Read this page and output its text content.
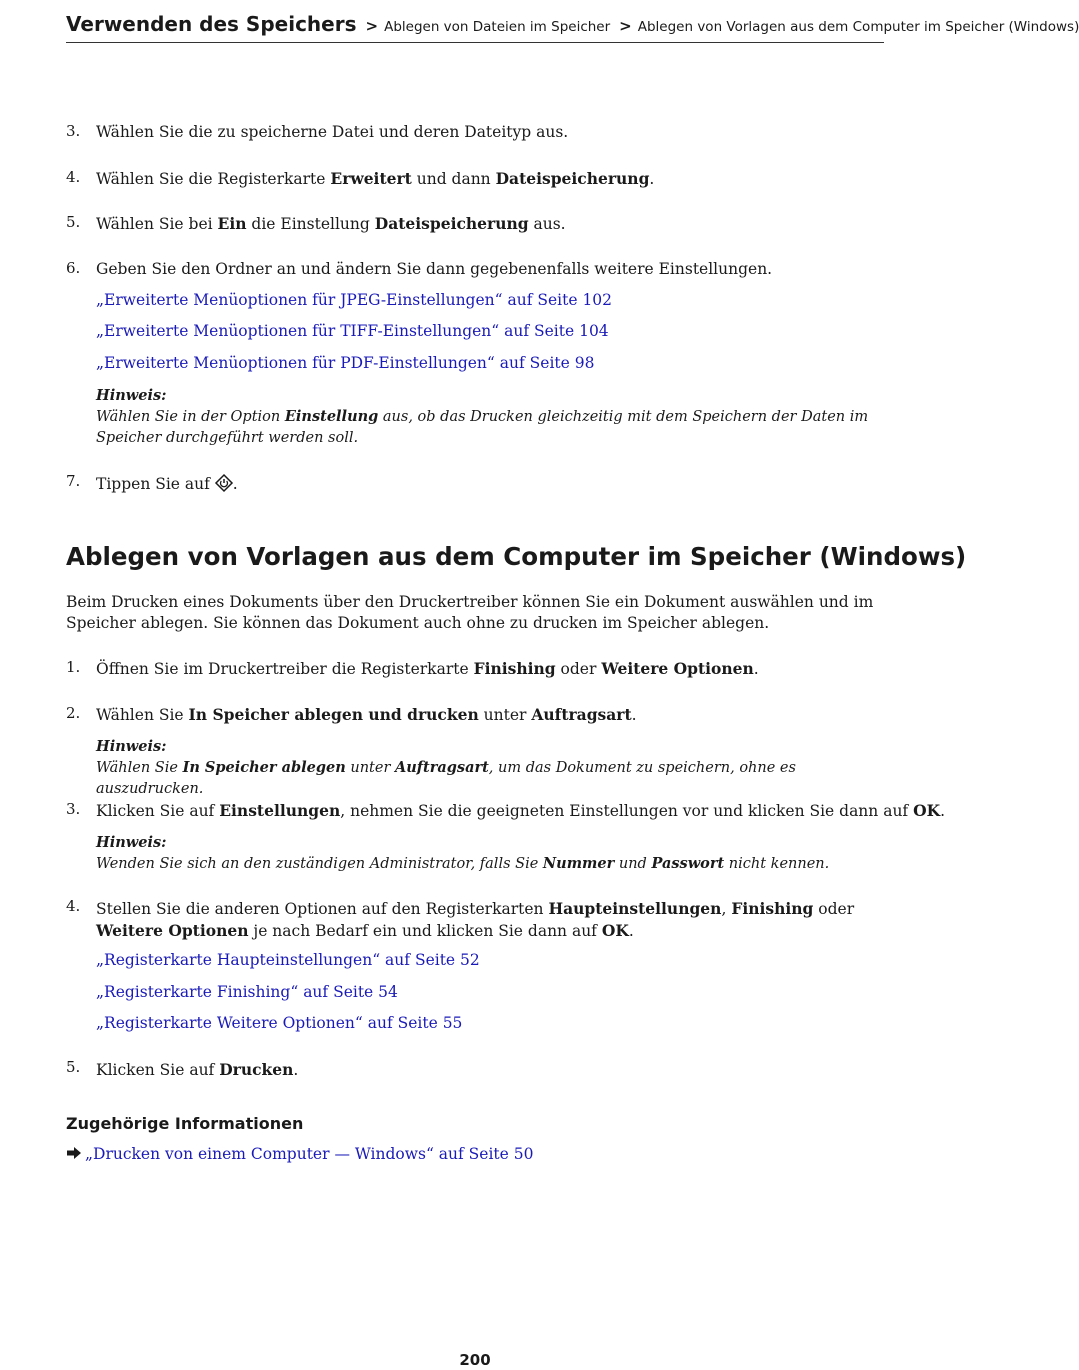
Verwenden des Speichers > Ablegen von Dateien im Speicher > Ablegen von Vorlagen aus dem Computer im Speicher (Windows)
3. Wählen Sie die zu speicherne Datei und deren Dateityp aus.
4. Wählen Sie die Registerkarte Erweitert und dann Dateispeicherung.
5. Wählen Sie bei Ein die Einstellung Dateispeicherung aus.
6. Geben Sie den Ordner an und ändern Sie dann gegebenenfalls weitere Einstellungen.
„Erweiterte Menüoptionen für JPEG-Einstellungen“ auf Seite 102
„Erweiterte Menüoptionen für TIFF-Einstellungen“ auf Seite 104
„Erweiterte Menüoptionen für PDF-Einstellungen“ auf Seite 98
Hinweis:
Wählen Sie in der Option Einstellung aus, ob das Drucken gleichzeitig mit dem Speichern der Daten im Speicher durchgeführt werden soll.
7. Tippen Sie auf .
Ablegen von Vorlagen aus dem Computer im Speicher (Windows)
Beim Drucken eines Dokuments über den Druckertreiber können Sie ein Dokument auswählen und im Speicher ablegen. Sie können das Dokument auch ohne zu drucken im Speicher ablegen.
1. Öffnen Sie im Druckertreiber die Registerkarte Finishing oder Weitere Optionen.
2. Wählen Sie In Speicher ablegen und drucken unter Auftragsart.
Hinweis:
Wählen Sie In Speicher ablegen unter Auftragsart, um das Dokument zu speichern, ohne es auszudrucken.
3. Klicken Sie auf Einstellungen, nehmen Sie die geeigneten Einstellungen vor und klicken Sie dann auf OK.
Hinweis:
Wenden Sie sich an den zuständigen Administrator, falls Sie Nummer und Passwort nicht kennen.
4. Stellen Sie die anderen Optionen auf den Registerkarten Haupteinstellungen, Finishing oder Weitere Optionen je nach Bedarf ein und klicken Sie dann auf OK.
„Registerkarte Haupteinstellungen“ auf Seite 52
„Registerkarte Finishing“ auf Seite 54
„Registerkarte Weitere Optionen“ auf Seite 55
5. Klicken Sie auf Drucken.
Zugehörige Informationen
„Drucken von einem Computer — Windows“ auf Seite 50
200
